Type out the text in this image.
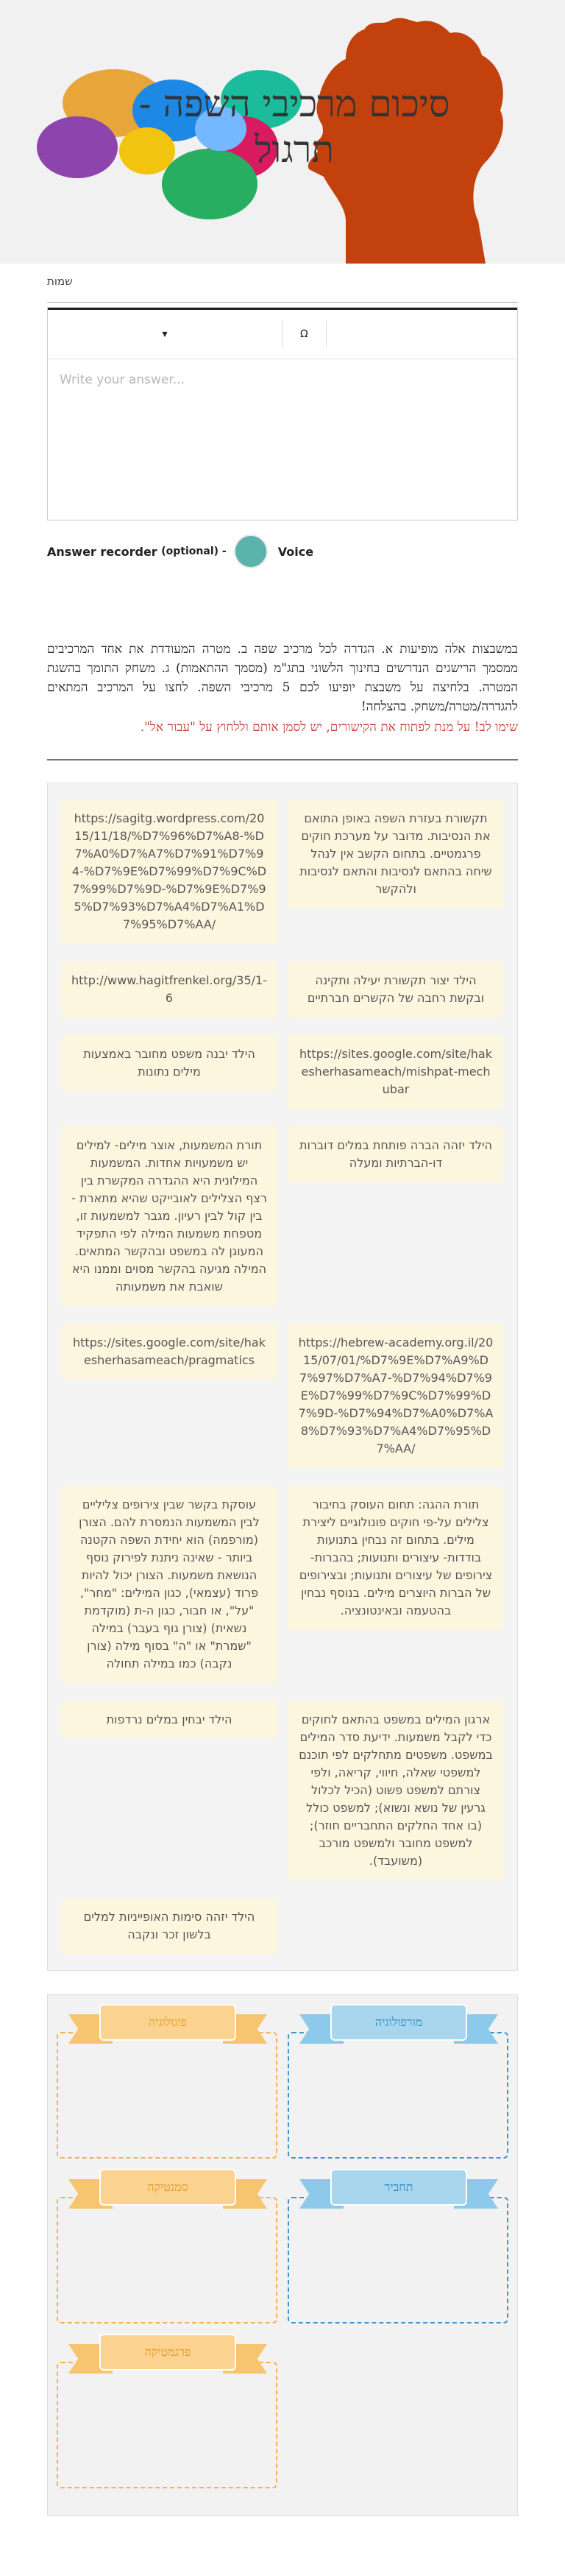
סיכום מרכיבי השפה - תרגול
שמות
▾	Ω
Write your answer...
Answer recorder
(optional) -	Voice

במשבצות אלה מופיעות א. הגדרה לכל מרכיב שפה ב. מטרה המעודדת את אחד המרכיבים ממסמך הרישגים הנדרשים בחינוך הלשוני בתג"מ (מסמך ההתאמות) ג. משחק התומך בהשגת המטרה. בלחיצה על משבצת יופיעו לכם 5 מרכיבי השפה. לחצו על המרכיב המתאים להגדרה/מטרה/משחק. בהצלחה!

שימו לב! על מנת לפתוח את הקישורים, יש לסמן אותם וללחוץ על "עבור אל".

https://sagitg.wordpress.com/2015/11/18/%D7%96%D7%A8-%D7%A0%D7%A7%D7%91%D7%94-%D7%9E%D7%99%D7%9C%D7%99%D7%9D-%D7%9E%D7%95%D7%93%D7%A4%D7%A1%D7%95%D7%AA/
תקשורת בעזרת השפה באופן התואם את הנסיבות. מדובר על מערכת חוקים פרגמטיים. בתחום הקשב אין לנהל שיחה בהתאם לנסיבות והתאם לנסיבות ולהקשר
http://www.hagitfrenkel.org/35/1-6
הילד יצור תקשורת יעילה ותקינה ובקשת רחבה של הקשרים חברתיים
הילד יבנה משפט מחובר באמצעות מילים נתונות
https://sites.google.com/site/hakesherhasameach/mishpat-mechubar
תורת המשמעות, אוצר מילים- למילים יש משמעויות אחדות. המשמעות המילונית היא ההגדרה המקשרת בין רצף הצלילים לאובייקט שהיא מתארת - בין קול לבין רעיון. מגבר למשמעות זו, מטפחת משמעות המילה לפי התפקיד המעוגן לה במשפט ובהקשר המתאים. המילה מגיעה בהקשר מסוים וממנו היא שואבת את משמעותה
הילד יזהה הברה פותחת במלים דוברות דו-הברתיות ומעלה
https://sites.google.com/site/hakesherhasameach/pragmatics
https://hebrew-academy.org.il/2015/07/01/%D7%9E%D7%A9%D7%97%D7%A7-%D7%94%D7%9E%D7%99%D7%9C%D7%99%D7%9D-%D7%94%D7%A0%D7%A8%D7%93%D7%A4%D7%95%D7%AA/
עוסקת בקשר שבין צירופים צליליים לבין המשמעות הנמסרת להם. הצורן (מורפמה) הוא יחידת השפה הקטנה ביותר - שאינה ניתנת לפירוק נוסף הנושאת משמעות. הצורן יכול להיות פרוד (עצמאי), כגון המילים: "מחר", "על", או חבור, כגון ה-ת (מוקדמת נשאית) (צורן גוף בעבר) במילה "שמרת" או "ה" בסוף מילה (צורן נקבה) כמו במילה תחולה
תורת ההגה: תחום העוסק בחיבור צלילים על-פי חוקים פונולוגיים ליצירת מילים. בתחום זה נבחין בתנועות בודדות- עיצורים ותנועות; בהברות- צירופים של עיצורים ותנועות; ובצירופים של הברות היוצרים מילים. בנוסף נבחין בהטעמה ובאינטונציה.
הילד יבחין במלים נרדפות	ארגון המילים במשפט בהתאם לחוקים כדי לקבל משמעות. ידיעת סדר המילים במשפט. משפטים מתחלקים לפי תוכנם למשפטי שאלה, חיווי, קריאה, ולפי צורתם למשפט פשוט (הכיל לכלול גרעין של נושא ונשוא); למשפט כולל (בו אחד החלקים התחבריים חוזר); למשפט מחובר ולמשפט מורכב (משועבד).
הילד יזהה סימות האופייניות למלים בלשון זכר ונקבה
פונולוגיה	מורפולוגיה
סמנטיקה	תחביר
פרגמטיקה
